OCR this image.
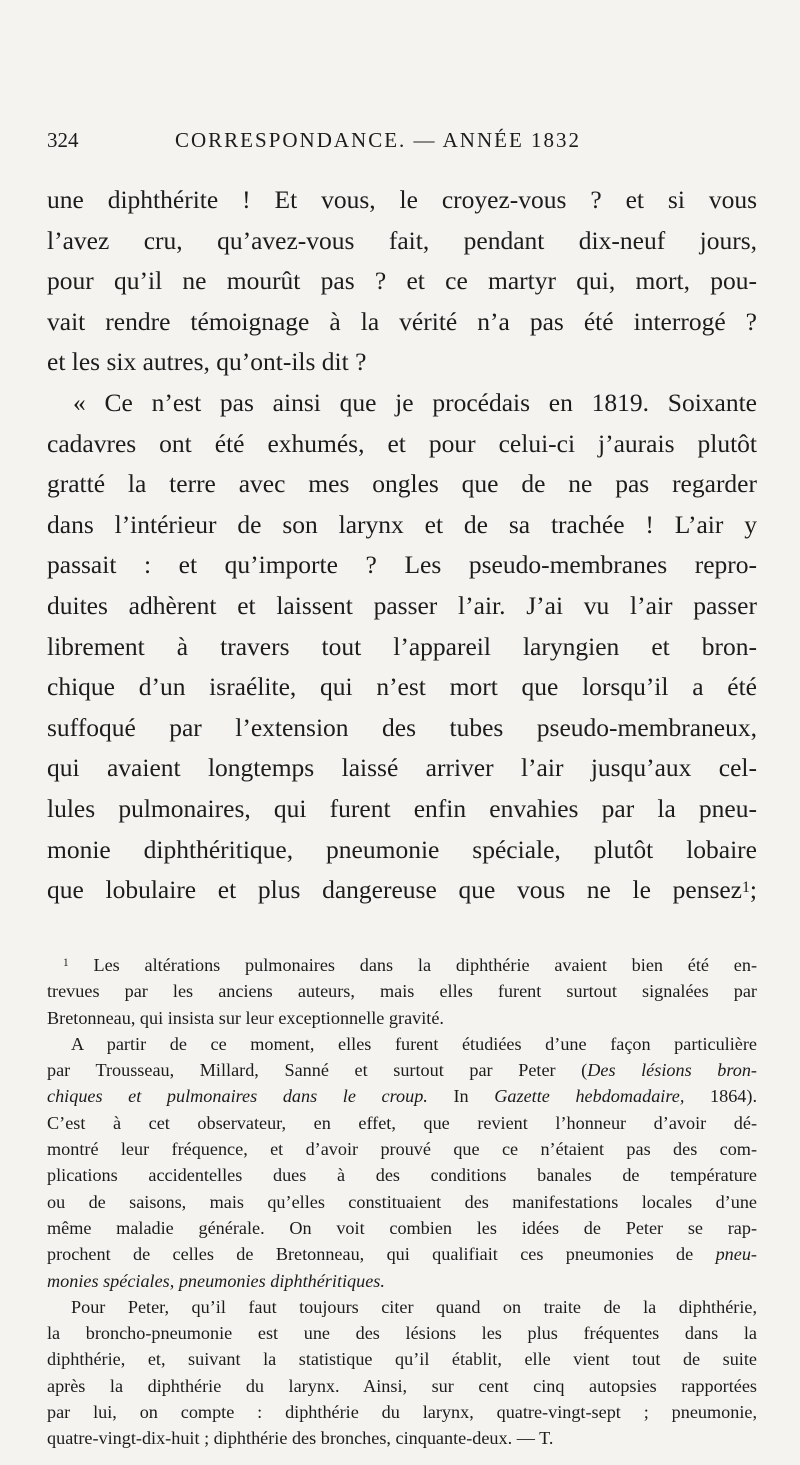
324	CORRESPONDANCE. — ANNÉE 1832
une diphthérite ! Et vous, le croyez-vous ? et si vous
l’avez cru, qu’avez-vous fait, pendant dix-neuf jours,
pour qu’il ne mourût pas ? et ce martyr qui, mort, pou-
vait rendre témoignage à la vérité n’a pas été interrogé ?
et les six autres, qu’ont-ils dit ?
« Ce n’est pas ainsi que je procédais en 1819. Soixante
cadavres ont été exhumés, et pour celui-ci j’aurais plutôt
gratté la terre avec mes ongles que de ne pas regarder
dans l’intérieur de son larynx et de sa trachée ! L’air y
passait : et qu’importe ? Les pseudo-membranes repro-
duites adhèrent et laissent passer l’air. J’ai vu l’air passer
librement à travers tout l’appareil laryngien et bron-
chique d’un israélite, qui n’est mort que lorsqu’il a été
suffoqué par l’extension des tubes pseudo-membraneux,
qui avaient longtemps laissé arriver l’air jusqu’aux cel-
lules pulmonaires, qui furent enfin envahies par la pneu-
monie diphthéritique, pneumonie spéciale, plutôt lobaire
que lobulaire et plus dangereuse que vous ne le pensez$^1$;
$^1$ Les altérations pulmonaires dans la diphthérie avaient bien été en-
trevues par les anciens auteurs, mais elles furent surtout signalées par
Bretonneau, qui insista sur leur exceptionnelle gravité.
A partir de ce moment, elles furent étudiées d’une façon particulière
par Trousseau, Millard, Sanné et surtout par Peter (Des lésions bron-
chiques et pulmonaires dans le croup. In Gazette hebdomadaire, 1864).
C’est à cet observateur, en effet, que revient l’honneur d’avoir dé-
montré leur fréquence, et d’avoir prouvé que ce n’étaient pas des com-
plications accidentelles dues à des conditions banales de température
ou de saisons, mais qu’elles constituaient des manifestations locales d’une
même maladie générale. On voit combien les idées de Peter se rap-
prochent de celles de Bretonneau, qui qualifiait ces pneumonies de pneu-
monies spéciales, pneumonies diphthéritiques.
Pour Peter, qu’il faut toujours citer quand on traite de la diphthérie,
la broncho-pneumonie est une des lésions les plus fréquentes dans la
diphthérie, et, suivant la statistique qu’il établit, elle vient tout de suite
après la diphthérie du larynx. Ainsi, sur cent cinq autopsies rapportées
par lui, on compte : diphthérie du larynx, quatre-vingt-sept ; pneumonie,
quatre-vingt-dix-huit ; diphthérie des bronches, cinquante-deux. — T.
